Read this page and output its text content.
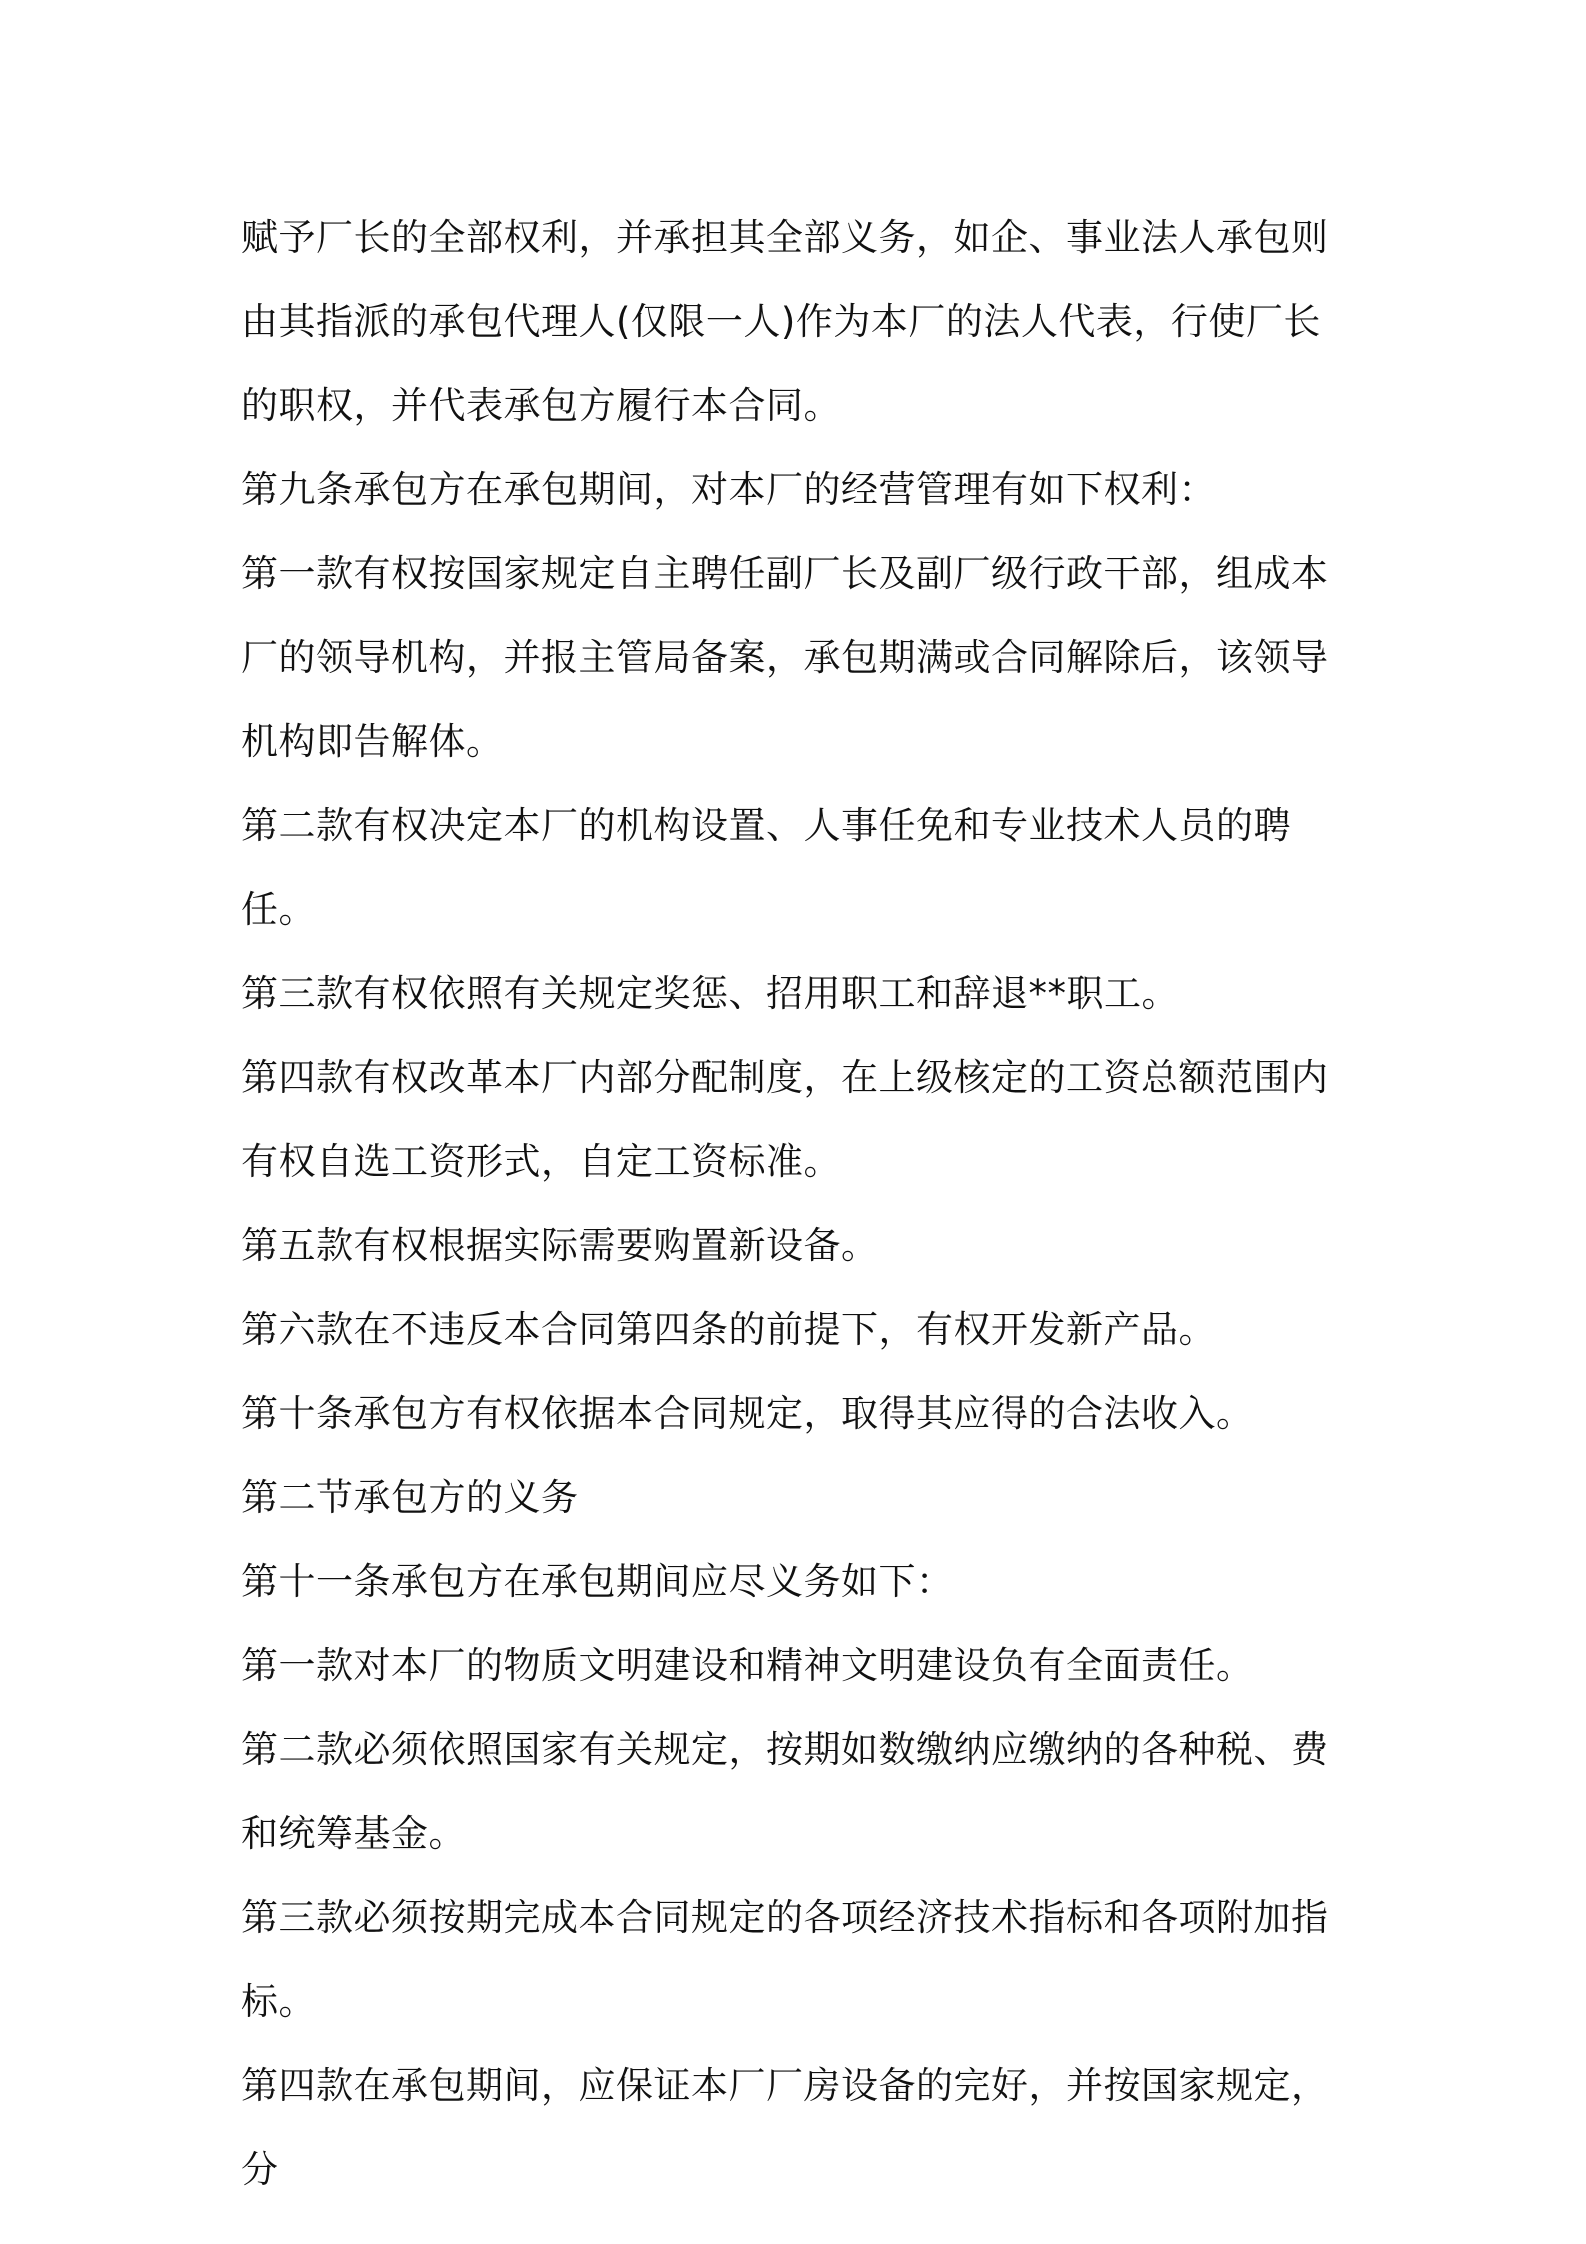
赋予厂长的全部权利，并承担其全部义务，如企、事业法人承包则由其指派的承包代理人(仅限一人)作为本厂的法人代表，行使厂长的职权，并代表承包方履行本合同。

第九条承包方在承包期间，对本厂的经营管理有如下权利：

第一款有权按国家规定自主聘任副厂长及副厂级行政干部，组成本厂的领导机构，并报主管局备案，承包期满或合同解除后，该领导机构即告解体。

第二款有权决定本厂的机构设置、人事任免和专业技术人员的聘任。

第三款有权依照有关规定奖惩、招用职工和辞退**职工。

第四款有权改革本厂内部分配制度，在上级核定的工资总额范围内有权自选工资形式，自定工资标准。

第五款有权根据实际需要购置新设备。

第六款在不违反本合同第四条的前提下，有权开发新产品。

第十条承包方有权依据本合同规定，取得其应得的合法收入。

第二节承包方的义务

第十一条承包方在承包期间应尽义务如下：

第一款对本厂的物质文明建设和精神文明建设负有全面责任。

第二款必须依照国家有关规定，按期如数缴纳应缴纳的各种税、费和统筹基金。

第三款必须按期完成本合同规定的各项经济技术指标和各项附加指标。

第四款在承包期间，应保证本厂厂房设备的完好，并按国家规定，分
